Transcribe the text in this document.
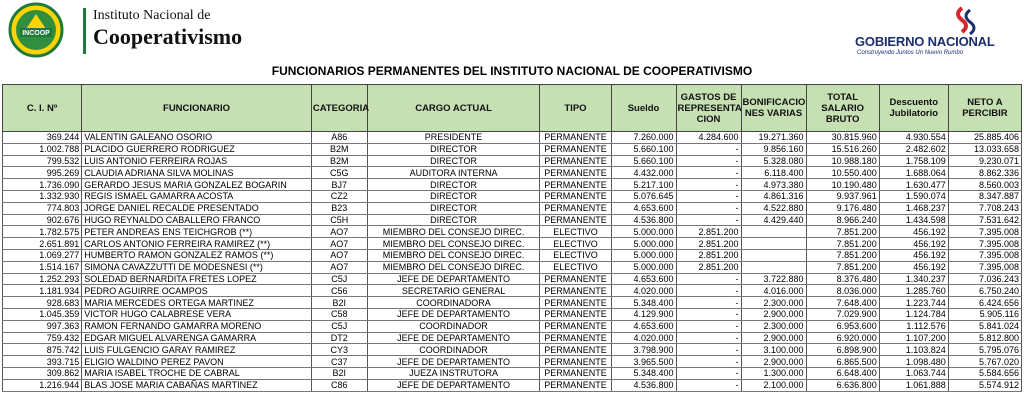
INCOOP
Instituto Nacional de
Cooperativismo	GOBIERNO NACIONAL
Construyendo Juntos Un Nuevo Rumbo
FUNCIONARIOS PERMANENTES DEL INSTITUTO NACIONAL DE COOPERATIVISMO
C. I. Nº	FUNCIONARIO	CATEGORIA	CARGO ACTUAL	TIPO	Sueldo	GASTOS DE REPRESENTA CION	BONIFICACIO NES VARIAS	TOTAL SALARIO BRUTO	Descuento Jubilatorio	NETO A PERCIBIR
369.244	VALENTIN GALEANO OSORIO	A86	PRESIDENTE	PERMANENTE	7.260.000	4.284.600	19.271.360	30.815.960	4.930.554	25.885.406
1.002.788	PLACIDO GUERRERO RODRIGUEZ	B2M	DIRECTOR	PERMANENTE	5.660.100	-	9.856.160	15.516.260	2.482.602	13.033.658
799.532	LUIS ANTONIO FERREIRA ROJAS	B2M	DIRECTOR	PERMANENTE	5.660.100	-	5.328.080	10.988.180	1.758.109	9.230.071
995.269	CLAUDIA ADRIANA SILVA MOLINAS	C5G	AUDITORA INTERNA	PERMANENTE	4.432.000	-	6.118.400	10.550.400	1.688.064	8.862.336
1.736.090	GERARDO JESUS MARIA GONZALEZ BOGARIN	BJ7	DIRECTOR	PERMANENTE	5.217.100	-	4.973.380	10.190.480	1.630.477	8.560.003
1.332.930	REGIS ISMAEL GAMARRA ACOSTA	CZ2	DIRECTOR	PERMANENTE	5.076.645	-	4.861.316	9.937.961	1.590.074	8.347.887
774.803	JORGE DANIEL RECALDE PRESENTADO	B23	DIRECTOR	PERMANENTE	4.653.600	-	4.522.880	9.176.480	1.468.237	7.708.243
902.676	HUGO REYNALDO CABALLERO FRANCO	C5H	DIRECTOR	PERMANENTE	4.536.800	-	4.429.440	8.966.240	1.434.598	7.531.642
1.782.575	PETER ANDREAS ENS TEICHGROB (**)	AO7	MIEMBRO DEL CONSEJO DIREC.	ELECTIVO	5.000.000	2.851.200		7.851.200	456.192	7.395.008
2.651.891	CARLOS ANTONIO FERREIRA RAMIREZ (**)	AO7	MIEMBRO DEL CONSEJO DIREC.	ELECTIVO	5.000.000	2.851.200		7.851.200	456.192	7.395.008
1.069.277	HUMBERTO RAMON GONZALEZ RAMOS (**)	AO7	MIEMBRO DEL CONSEJO DIREC.	ELECTIVO	5.000.000	2.851.200		7.851.200	456.192	7.395.008
1.514.167	SIMONA CAVAZZUTTI DE MODESNESI (**)	AO7	MIEMBRO DEL CONSEJO DIREC.	ELECTIVO	5.000.000	2.851.200		7.851.200	456.192	7.395.008
1.252.293	SOLEDAD BERNARDITA FRETES LOPEZ	C5J	JEFE DE DEPARTAMENTO	PERMANENTE	4.653.600	-	3.722.880	8.376.480	1.340.237	7.036.243
1.181.934	PEDRO AGUIRRE OCAMPOS	C56	SECRETARIO GENERAL	PERMANENTE	4.020.000	-	4.016.000	8.036.000	1.285.760	6.750.240
928.683	MARIA MERCEDES ORTEGA MARTINEZ	B2I	COORDINADORA	PERMANENTE	5.348.400	-	2.300.000	7.648.400	1.223.744	6.424.656
1.045.359	VICTOR HUGO CALABRESE VERA	C58	JEFE DE DEPARTAMENTO	PERMANENTE	4.129.900	-	2.900.000	7.029.900	1.124.784	5.905.116
997.363	RAMON FERNANDO GAMARRA MORENO	C5J	COORDINADOR	PERMANENTE	4.653.600	-	2.300.000	6.953.600	1.112.576	5.841.024
759.432	EDGAR MIGUEL ALVARENGA GAMARRA	DT2	JEFE DE DEPARTAMENTO	PERMANENTE	4.020.000	-	2.900.000	6.920.000	1.107.200	5.812.800
875.742	LUIS FULGENCIO GARAY RAMIREZ	CY3	COORDINADOR	PERMANENTE	3.798.900	-	3.100.000	6.898.900	1.103.824	5.795.076
393.715	ELIGIO WALDINO PEREZ PAVON	C37	JEFE DE DEPARTAMENTO	PERMANENTE	3.965.500	-	2.900.000	6.865.500	1.098.480	5.767.020
309.862	MARIA ISABEL TROCHE DE CABRAL	B2I	JUEZA INSTRUTORA	PERMANENTE	5.348.400	-	1.300.000	6.648.400	1.063.744	5.584.656
1.216.944	BLAS JOSE MARIA CABAÑAS MARTINEZ	C86	JEFE DE DEPARTAMENTO	PERMANENTE	4.536.800	-	2.100.000	6.636.800	1.061.888	5.574.912
